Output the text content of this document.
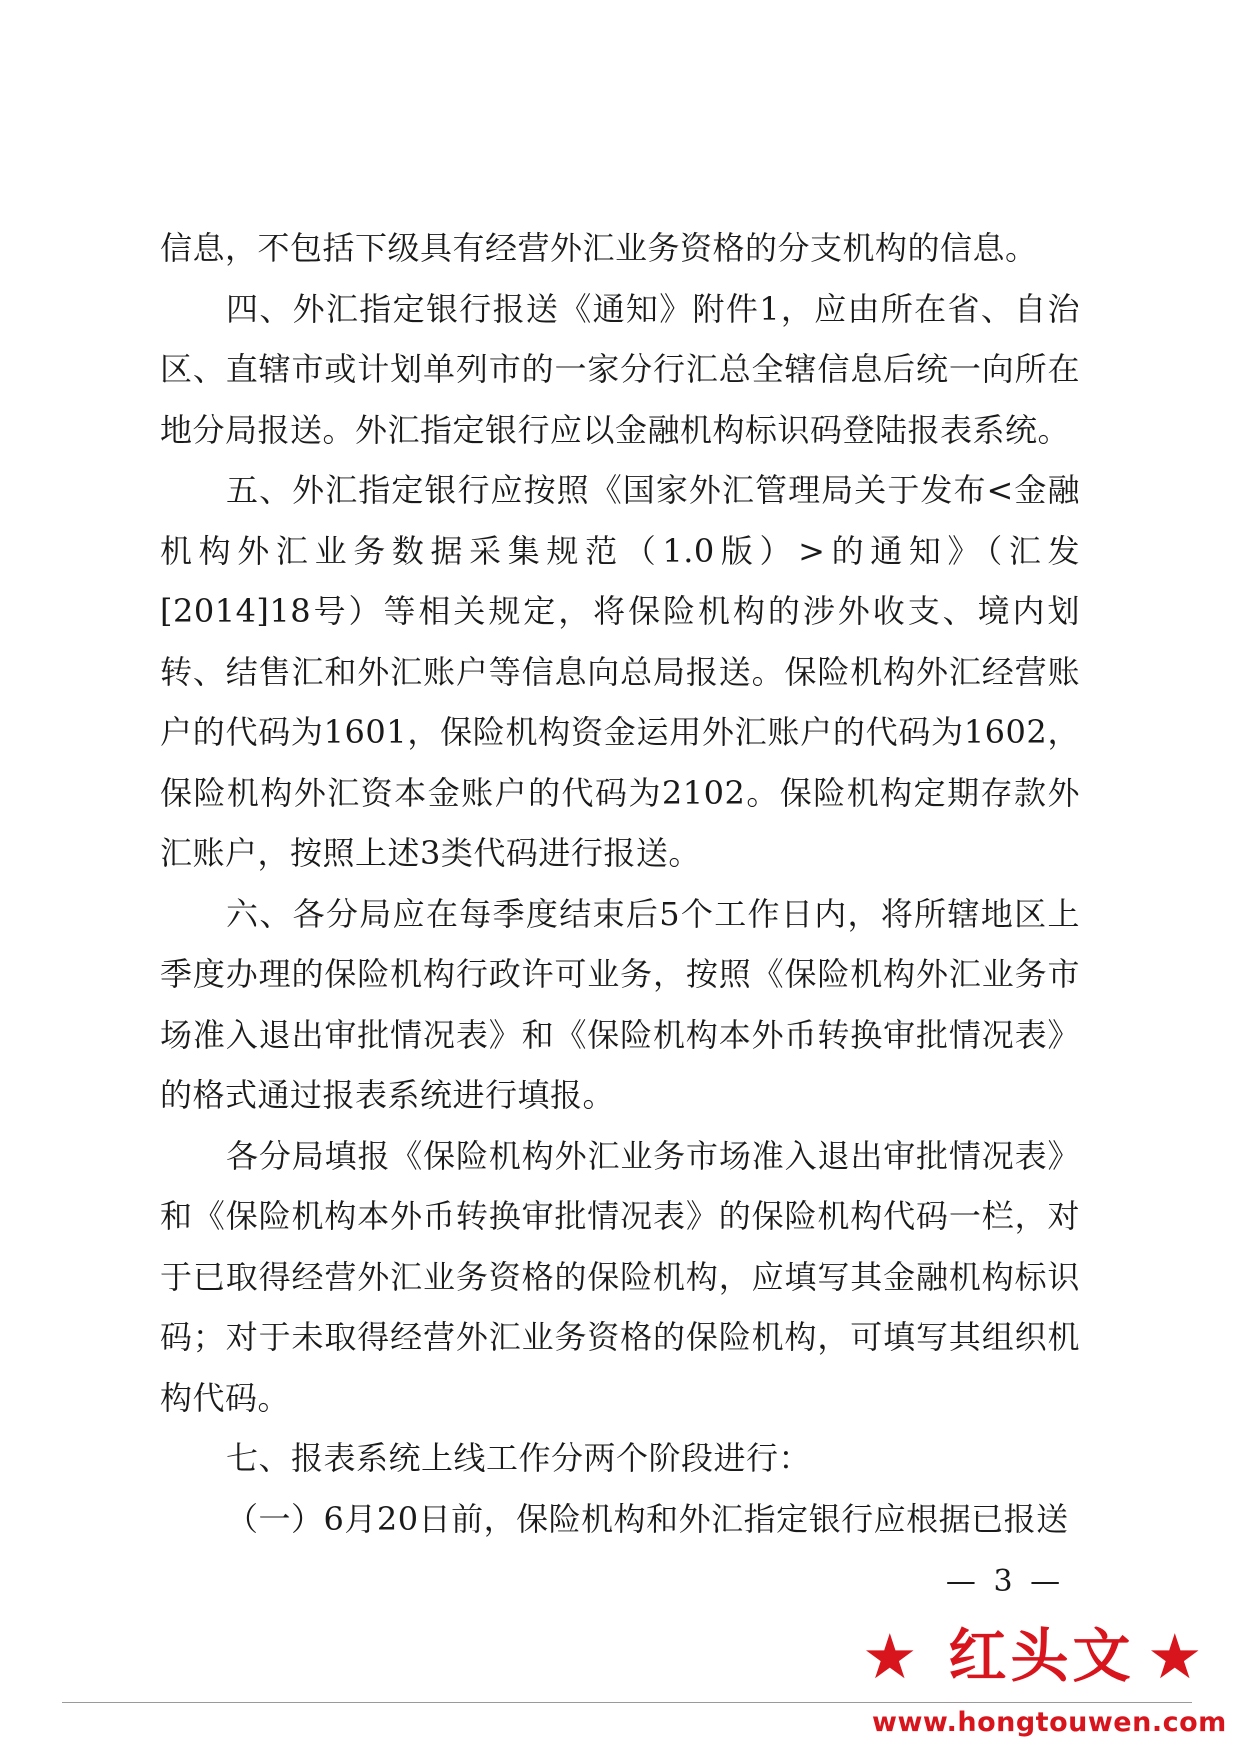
信息，不包括下级具有经营外汇业务资格的分支机构的信息。

四、外汇指定银行报送《通知》附件1，应由所在省、自治区、直辖市或计划单列市的一家分行汇总全辖信息后统一向所在地分局报送。外汇指定银行应以金融机构标识码登陆报表系统。

五、外汇指定银行应按照《国家外汇管理局关于发布<金融机构外汇业务数据采集规范（1.0版）>的通知》（汇发[2014]18号）等相关规定，将保险机构的涉外收支、境内划转、结售汇和外汇账户等信息向总局报送。保险机构外汇经营账户的代码为1601，保险机构资金运用外汇账户的代码为1602，保险机构外汇资本金账户的代码为2102。保险机构定期存款外汇账户，按照上述3类代码进行报送。

六、各分局应在每季度结束后5个工作日内，将所辖地区上季度办理的保险机构行政许可业务，按照《保险机构外汇业务市场准入退出审批情况表》和《保险机构本外币转换审批情况表》的格式通过报表系统进行填报。

各分局填报《保险机构外汇业务市场准入退出审批情况表》和《保险机构本外币转换审批情况表》的保险机构代码一栏，对于已取得经营外汇业务资格的保险机构，应填写其金融机构标识码；对于未取得经营外汇业务资格的保险机构，可填写其组织机构代码。

七、报表系统上线工作分两个阶段进行：

（一）6月20日前，保险机构和外汇指定银行应根据已报送

— 3 —
★ 红头文 ★
www.hongtouwen.com
